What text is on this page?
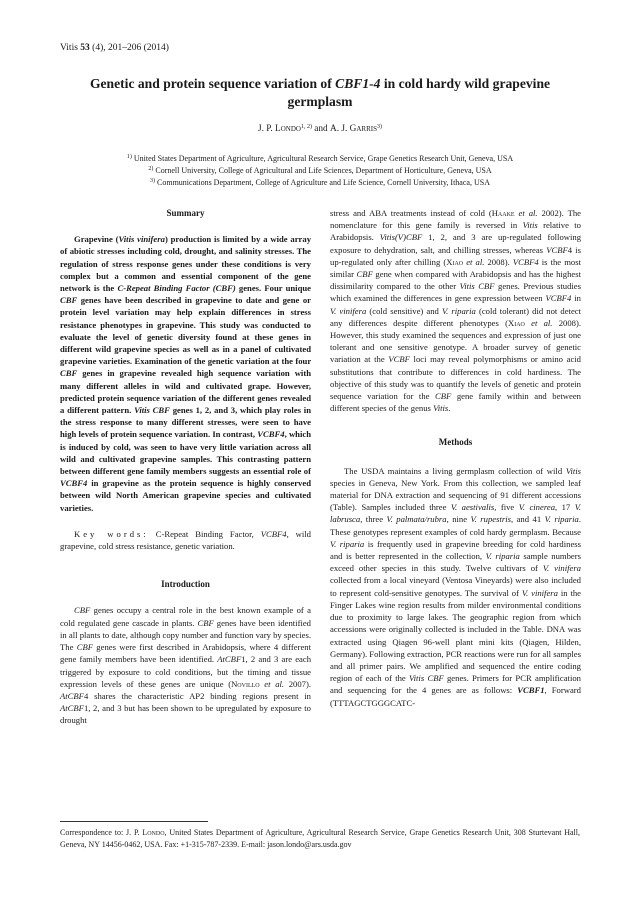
Vitis 53 (4), 201–206 (2014)
Genetic and protein sequence variation of CBF1-4 in cold hardy wild grapevine germplasm
J. P. Londo$^{1, 2)}$ and A. J. Garris$^{3)}$
$^{1)}$ United States Department of Agriculture, Agricultural Research Service, Grape Genetics Research Unit, Geneva, USA
$^{2)}$ Cornell University, College of Agricultural and Life Sciences, Department of Horticulture, Geneva, USA
$^{3)}$ Communications Department, College of Agriculture and Life Science, Cornell University, Ithaca, USA
Summary

Grapevine (Vitis vinifera) production is limited by a wide array of abiotic stresses including cold, drought, and salinity stresses. The regulation of stress response genes under these conditions is very complex but a common and essential component of the gene network is the C-Repeat Binding Factor (CBF) genes. Four unique CBF genes have been described in grapevine to date and gene or protein level variation may help explain differences in stress resistance phenotypes in grapevine. This study was conducted to evaluate the level of genetic diversity found at these genes in different wild grapevine species as well as in a panel of cultivated grapevine varieties. Examination of the genetic variation at the four CBF genes in grapevine revealed high sequence variation with many different alleles in wild and cultivated grape. However, predicted protein sequence variation of the different genes revealed a different pattern. Vitis CBF genes 1, 2, and 3, which play roles in the stress response to many different stresses, were seen to have high levels of protein sequence variation. In contrast, VCBF4, which is induced by cold, was seen to have very little variation across all wild and cultivated grapevine samples. This contrasting pattern between different gene family members suggests an essential role of VCBF4 in grapevine as the protein sequence is highly conserved between wild North American grapevine species and cultivated varieties.

Key words: C-Repeat Binding Factor, VCBF4, wild grapevine, cold stress resistance, genetic variation.

Introduction

CBF genes occupy a central role in the best known example of a cold regulated gene cascade in plants. CBF genes have been identified in all plants to date, although copy number and function vary by species. The CBF genes were first described in Arabidopsis, where 4 different gene family members have been identified. AtCBF1, 2 and 3 are each triggered by exposure to cold conditions, but the timing and tissue expression levels of these genes are unique (Novillo et al. 2007). AtCBF4 shares the characteristic AP2 binding regions present in AtCBF1, 2, and 3 but has been shown to be upregulated by exposure to drought

stress and ABA treatments instead of cold (Haake et al. 2002). The nomenclature for this gene family is reversed in Vitis relative to Arabidopsis. Vitis(V)CBF 1, 2, and 3 are up-regulated following exposure to dehydration, salt, and chilling stresses, whereas VCBF4 is up-regulated only after chilling (Xiao et al. 2008). VCBF4 is the most similar CBF gene when compared with Arabidopsis and has the highest dissimilarity compared to the other Vitis CBF genes. Previous studies which examined the differences in gene expression between VCBF4 in V. vinifera (cold sensitive) and V. riparia (cold tolerant) did not detect any differences despite different phenotypes (Xiao et al. 2008). However, this study examined the sequences and expression of just one tolerant and one sensitive genotype. A broader survey of genetic variation at the VCBF loci may reveal polymorphisms or amino acid substitutions that contribute to differences in cold hardiness. The objective of this study was to quantify the levels of genetic and protein sequence variation for the CBF gene family within and between different species of the genus Vitis.

Methods

The USDA maintains a living germplasm collection of wild Vitis species in Geneva, New York. From this collection, we sampled leaf material for DNA extraction and sequencing of 91 different accessions (Table). Samples included three V. aestivalis, five V. cinerea, 17 V. labrusca, three V. palmata/rubra, nine V. rupestris, and 41 V. riparia. These genotypes represent examples of cold hardy germplasm. Because V. riparia is frequently used in grapevine breeding for cold hardiness and is better represented in the collection, V. riparia sample numbers exceed other species in this study. Twelve cultivars of V. vinifera collected from a local vineyard (Ventosa Vineyards) were also included to represent cold-sensitive genotypes. The survival of V. vinifera in the Finger Lakes wine region results from milder environmental conditions due to proximity to large lakes. The geographic region from which accessions were originally collected is included in the Table. DNA was extracted using Qiagen 96-well plant mini kits (Qiagen, Hilden, Germany). Following extraction, PCR reactions were run for all samples and all primer pairs. We amplified and sequenced the entire coding region of each of the Vitis CBF genes. Primers for PCR amplification and sequencing for the 4 genes are as follows: VCBF1, Forward (TTTAGCTGGGCATC-

Correspondence to: J. P. Londo, United States Department of Agriculture, Agricultural Research Service, Grape Genetics Research Unit, 308 Sturtevant Hall, Geneva, NY 14456-0462, USA. Fax: +1-315-787-2339. E-mail: jason.londo@ars.usda.gov
